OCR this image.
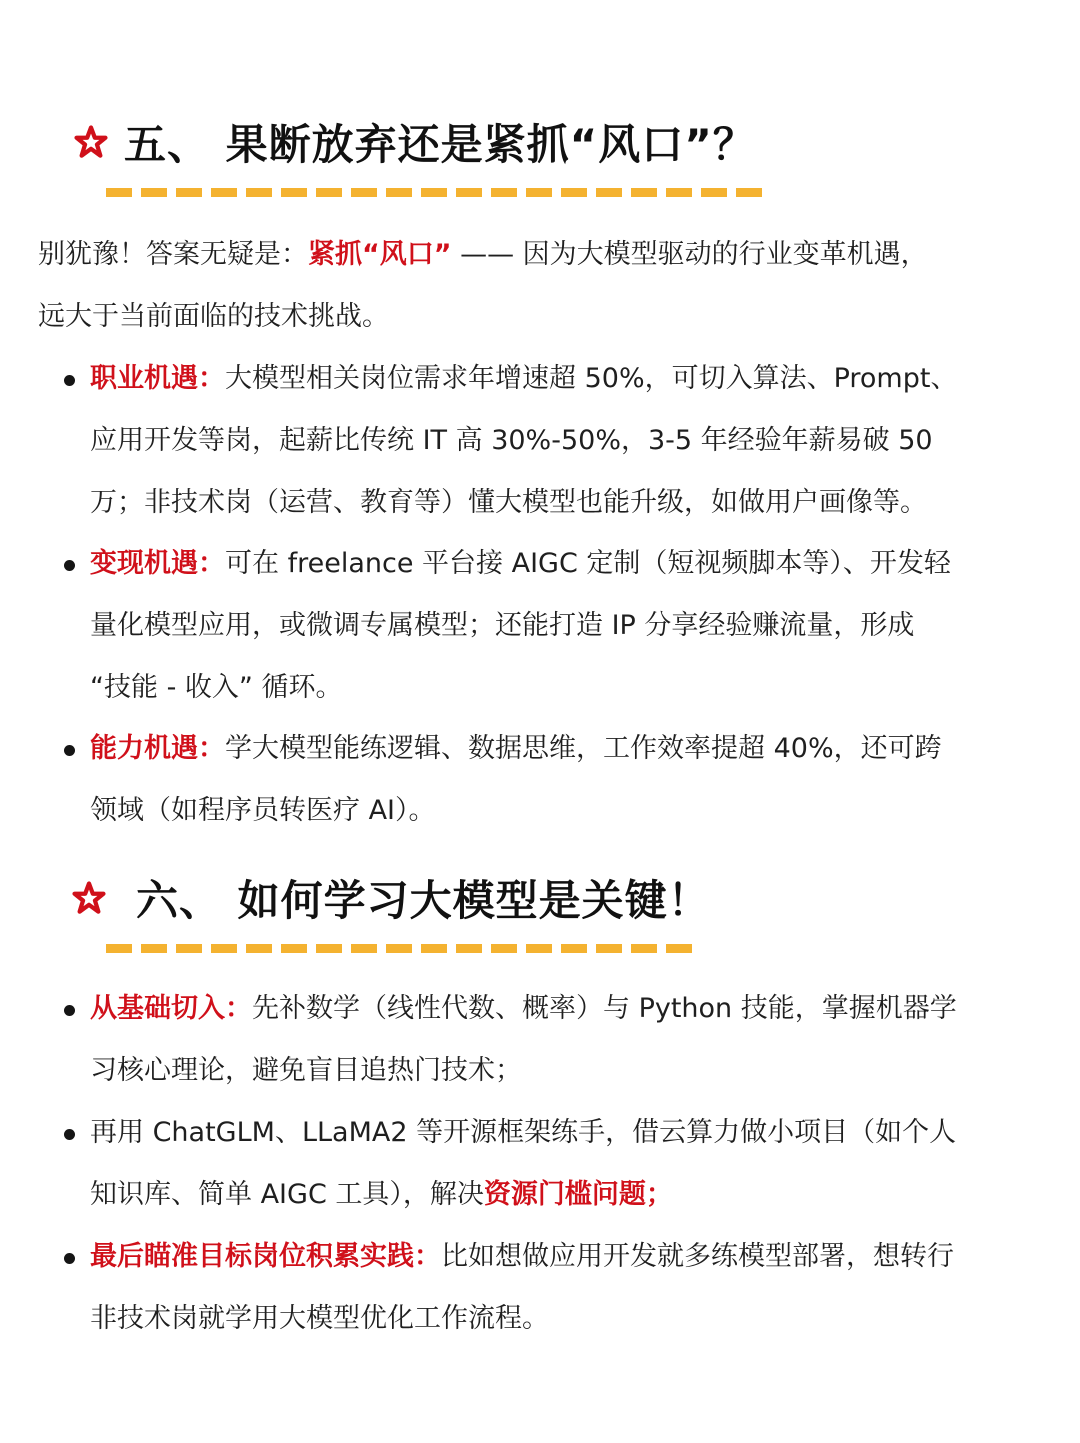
五、 果断放弃还是紧抓“风口”？
别犹豫！答案无疑是：紧抓“风口” —— 因为大模型驱动的行业变革机遇，
远大于当前面临的技术挑战。
职业机遇：大模型相关岗位需求年增速超 50%，可切入算法、Prompt、
应用开发等岗，起薪比传统 IT 高 30%-50%，3-5 年经验年薪易破 50
万；非技术岗（运营、教育等）懂大模型也能升级，如做用户画像等。
变现机遇：可在 freelance 平台接 AIGC 定制（短视频脚本等）、开发轻
量化模型应用，或微调专属模型；还能打造 IP 分享经验赚流量，形成
“技能 - 收入” 循环。
能力机遇：学大模型能练逻辑、数据思维，工作效率提超 40%，还可跨
领域（如程序员转医疗 AI）。
六、 如何学习大模型是关键！
从基础切入：先补数学（线性代数、概率）与 Python 技能，掌握机器学
习核心理论，避免盲目追热门技术；
再用 ChatGLM、LLaMA2 等开源框架练手，借云算力做小项目（如个人
知识库、简单 AIGC 工具），解决资源门槛问题；
最后瞄准目标岗位积累实践：比如想做应用开发就多练模型部署，想转行
非技术岗就学用大模型优化工作流程。
